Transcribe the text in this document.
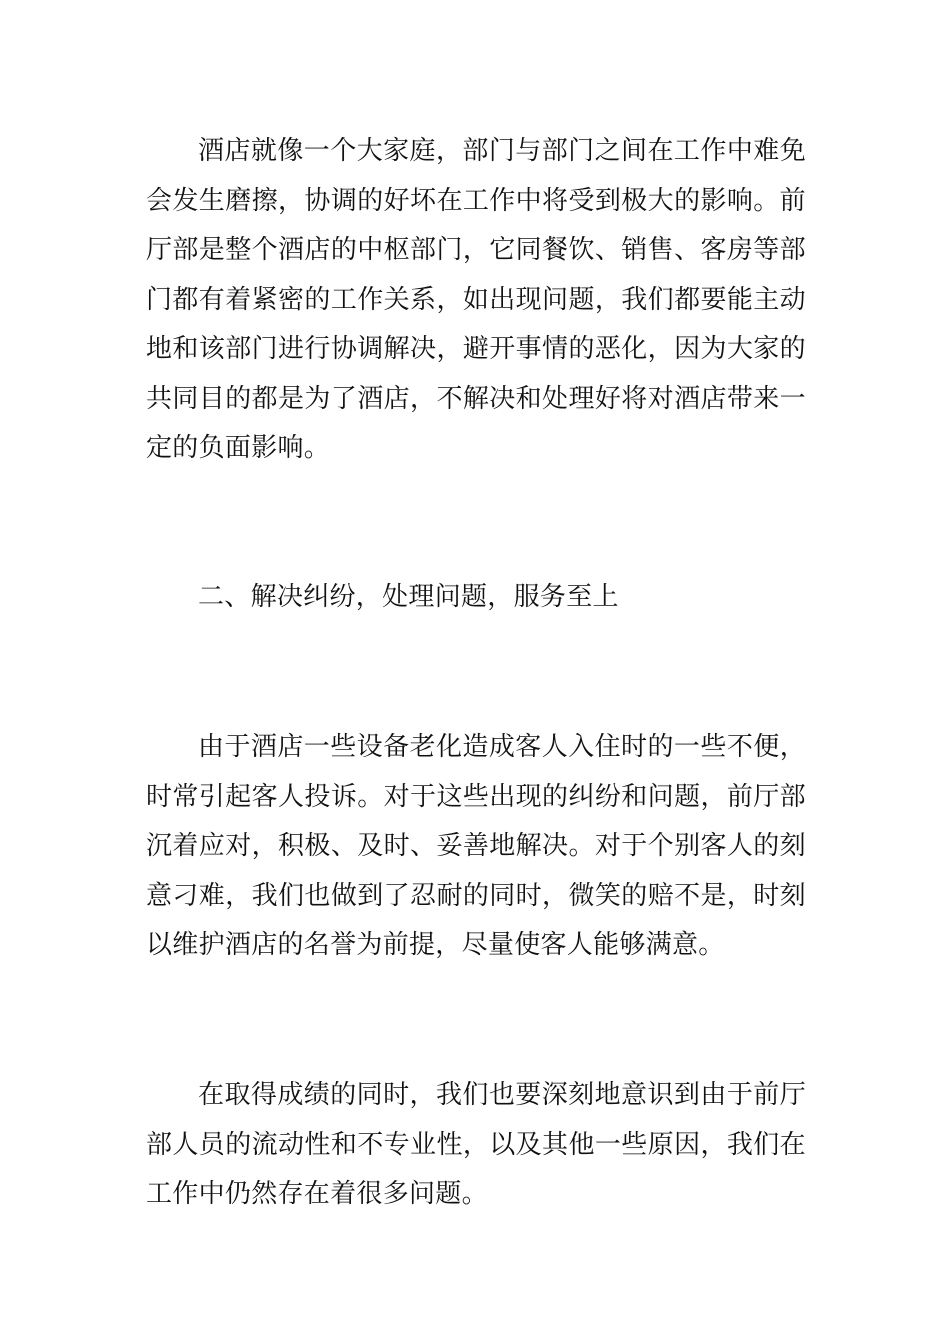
酒店就像一个大家庭，部门与部门之间在工作中难免会发生磨擦，协调的好坏在工作中将受到极大的影响。前厅部是整个酒店的中枢部门，它同餐饮、销售、客房等部门都有着紧密的工作关系，如出现问题，我们都要能主动地和该部门进行协调解决，避开事情的恶化，因为大家的共同目的都是为了酒店，不解决和处理好将对酒店带来一定的负面影响。

二、解决纠纷，处理问题，服务至上

由于酒店一些设备老化造成客人入住时的一些不便，时常引起客人投诉。对于这些出现的纠纷和问题，前厅部沉着应对，积极、及时、妥善地解决。对于个别客人的刻意刁难，我们也做到了忍耐的同时，微笑的赔不是，时刻以维护酒店的名誉为前提，尽量使客人能够满意。

在取得成绩的同时，我们也要深刻地意识到由于前厅部人员的流动性和不专业性，以及其他一些原因，我们在工作中仍然存在着很多问题。
